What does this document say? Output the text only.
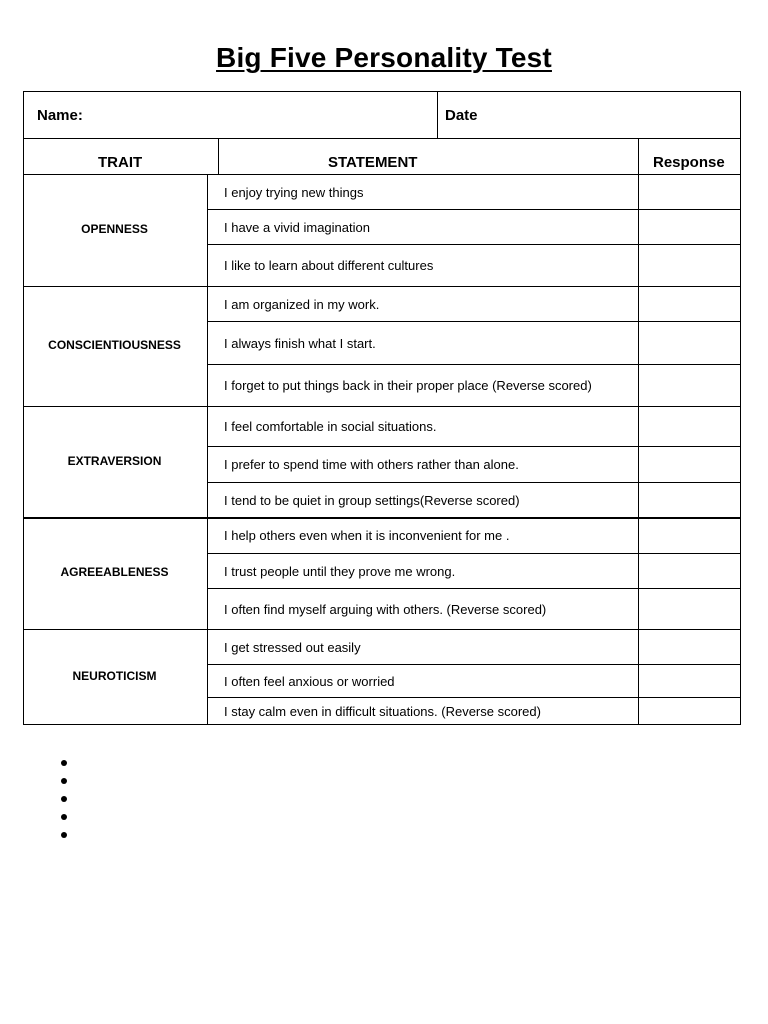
Big Five Personality Test
Name:	Date
TRAIT	STATEMENT	Response
OPENNESS
I enjoy trying new things
I have a vivid imagination
I like to learn about different cultures
CONSCIENTIOUSNESS
I am organized in my work.
I always finish what I start.
I forget to put things back in their proper place (Reverse scored)
EXTRAVERSION
I feel comfortable in social situations.
I prefer to spend time with others rather than alone.
I tend to be quiet in group settings(Reverse scored)
AGREEABLENESS
I help others even when it is inconvenient for me .
I trust people until they prove me wrong.
I often find myself arguing with others. (Reverse scored)
NEUROTICISM
I get stressed out easily
I often feel anxious or worried
I stay calm even in difficult situations. (Reverse scored)
